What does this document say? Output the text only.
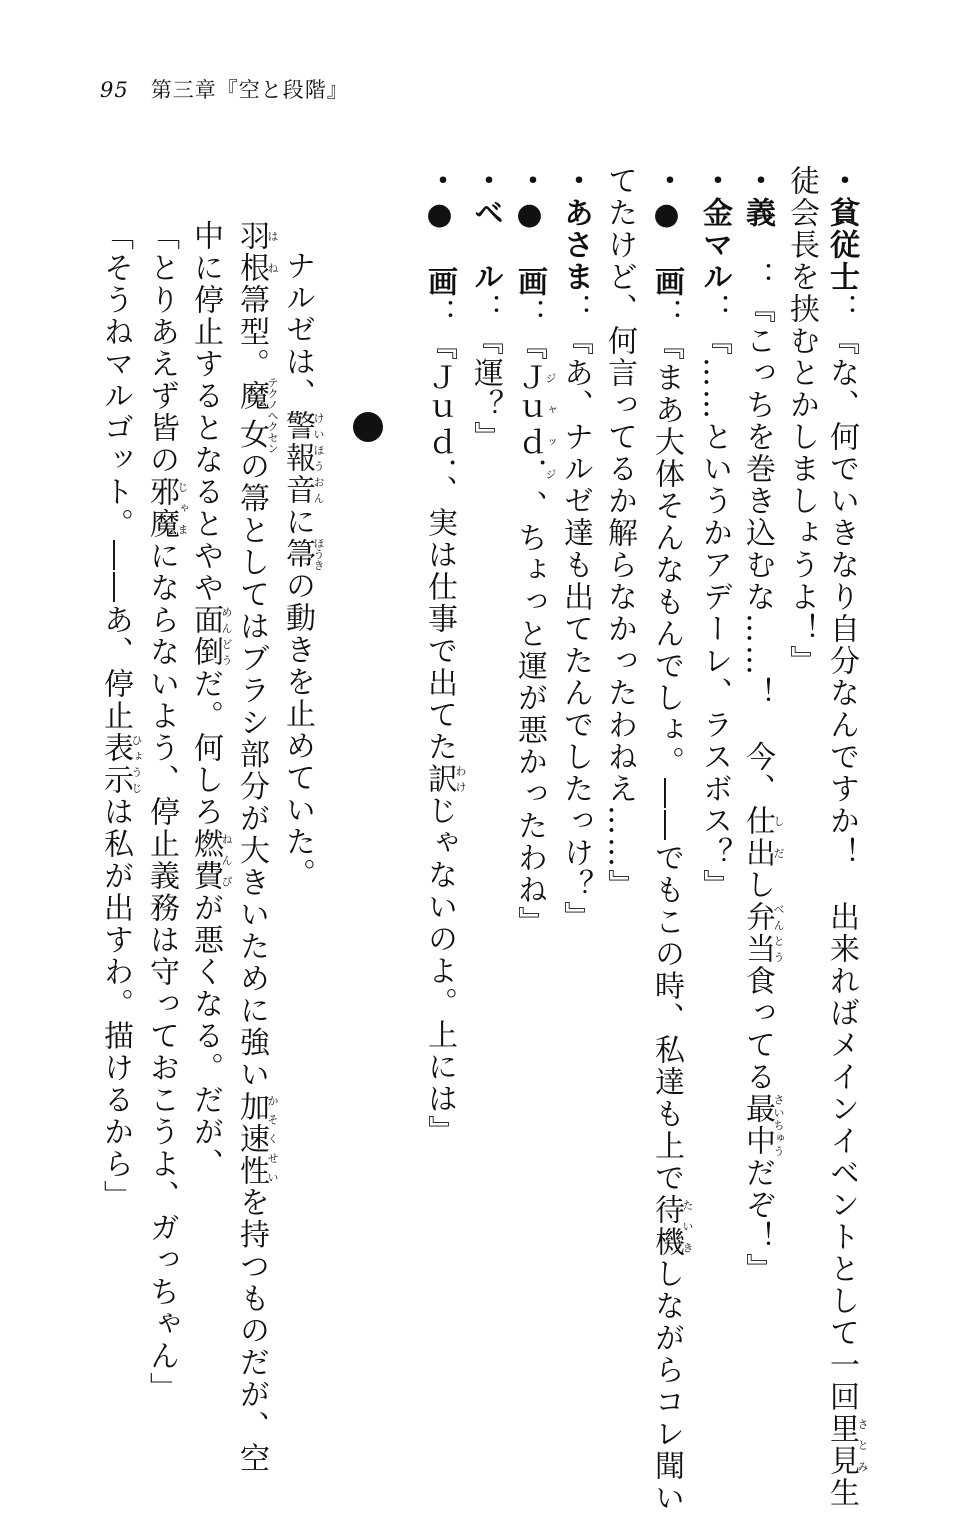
95 第三章『空と段階』
・貧従士：『な、何でいきなり自分なんですか！　出来ればメインイベントとして一回里見さとみ生
徒会長を挟むとかしましょうよ！』
・義　：『こっちを巻き込むな……！　今、仕出しだし弁当べんとう食ってる最中さいちゅうだぞ！』
・金マル：『……というかアデーレ、ラスボス？』
・●　画：『まあ大体そんなもんでしょ。――でもこの時、私達も上で待機たいきしながらコレ聞い
てたけど、何言ってるか解らなかったわねえ……』
・あさま：『あ、ナルゼ達も出てたんでしたっけ？』
・●　画：『Ｊｕｄ．ジャッジ、ちょっと運が悪かったわね』
・ベ　ル：『運？』
・●　画：『Ｊｕｄ．、実は仕事で出てた訳わけじゃないのよ。上には』
ナルゼは、警報音けいほうおんに箒ほうきの動きを止めていた。
羽根はね箒型。魔女テクノヘクセンの箒としてはブラシ部分が大きいために強い加速性かそくせいを持つものだが、空
中に停止するとなるとやや面倒めんどうだ。何しろ燃費ねんぴが悪くなる。だが、
「とりあえず皆の邪魔じゃまにならないよう、停止義務は守っておこうよ、ガっちゃん」
「そうねマルゴット。――あ、停止表示ひょうじは私が出すわ。描けるから」
